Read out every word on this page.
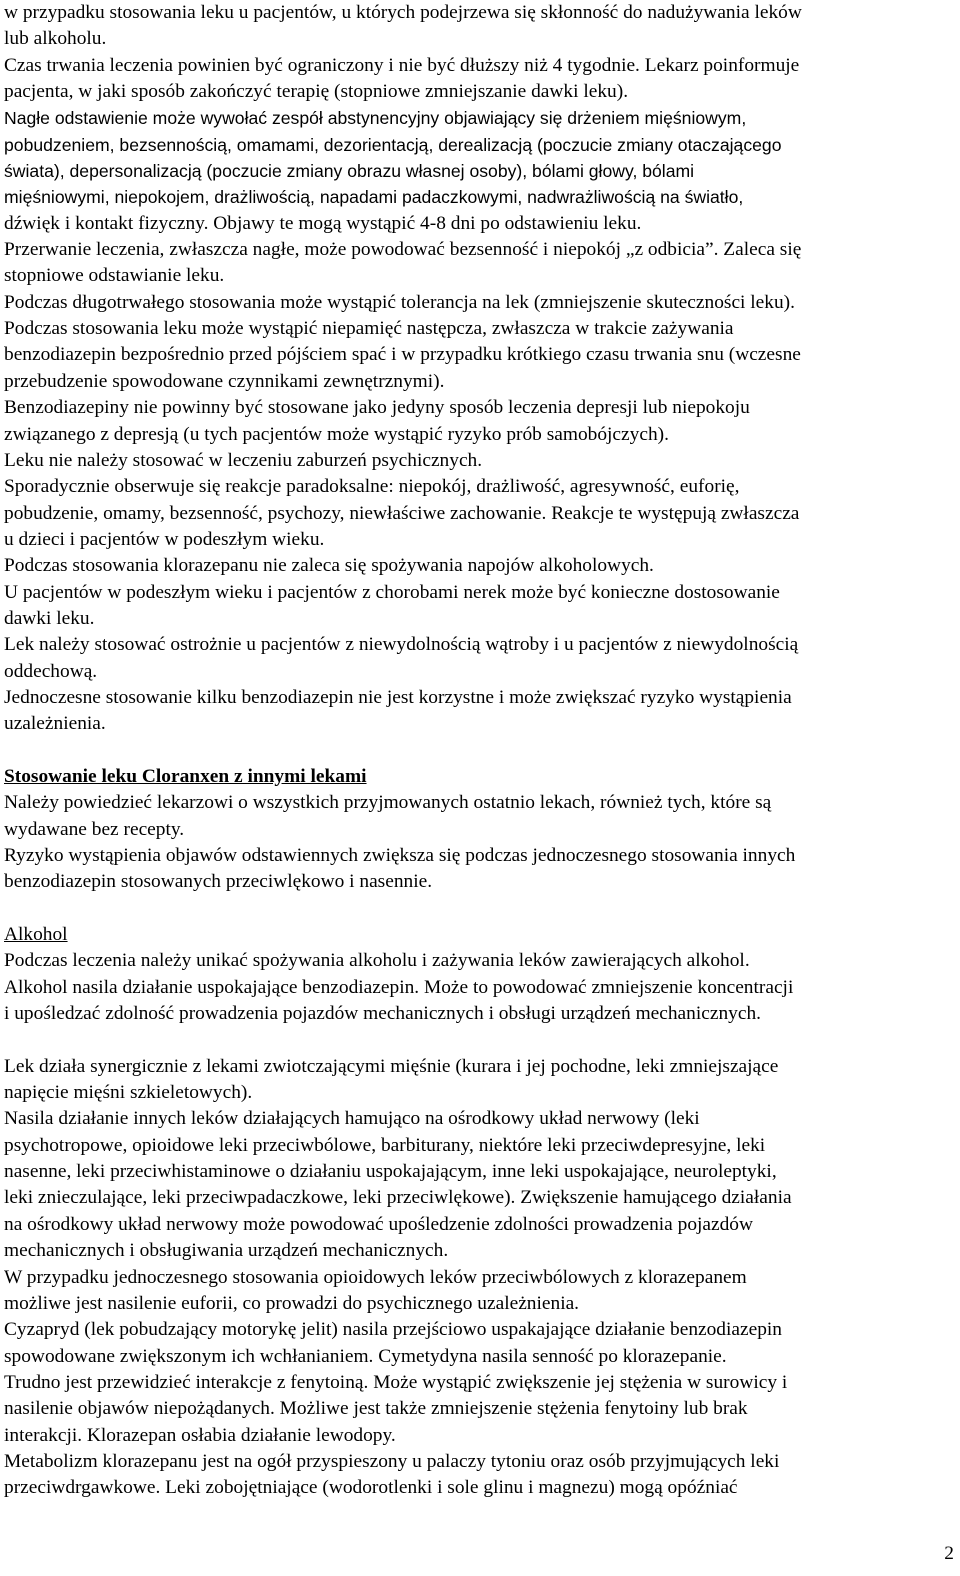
w przypadku stosowania leku u pacjentów, u których podejrzewa się skłonność do nadużywania leków
lub alkoholu.
Czas trwania leczenia powinien być ograniczony i nie być dłuższy niż 4 tygodnie. Lekarz poinformuje
pacjenta, w jaki sposób zakończyć terapię (stopniowe zmniejszanie dawki leku).
Nagłe odstawienie może wywołać zespół abstynencyjny objawiający się drżeniem mięśniowym,
pobudzeniem, bezsennością, omamami, dezorientacją, derealizacją (poczucie zmiany otaczającego
świata), depersonalizacją (poczucie zmiany obrazu własnej osoby), bólami głowy, bólami
mięśniowymi, niepokojem, drażliwością, napadami padaczkowymi, nadwrażliwością na światło,
dźwięk i kontakt fizyczny. Objawy te mogą wystąpić 4-8 dni po odstawieniu leku.
Przerwanie leczenia, zwłaszcza nagłe, może powodować bezsenność i niepokój „z odbicia”. Zaleca się
stopniowe odstawianie leku.
Podczas długotrwałego stosowania może wystąpić tolerancja na lek (zmniejszenie skuteczności leku).
Podczas stosowania leku może wystąpić niepamięć następcza, zwłaszcza w trakcie zażywania
benzodiazepin bezpośrednio przed pójściem spać i w przypadku krótkiego czasu trwania snu (wczesne
przebudzenie spowodowane czynnikami zewnętrznymi).
Benzodiazepiny nie powinny być stosowane jako jedyny sposób leczenia depresji lub niepokoju
związanego z depresją (u tych pacjentów może wystąpić ryzyko prób samobójczych).
Leku nie należy stosować w leczeniu zaburzeń psychicznych.
Sporadycznie obserwuje się reakcje paradoksalne: niepokój, drażliwość, agresywność, euforię,
pobudzenie, omamy, bezsenność, psychozy, niewłaściwe zachowanie. Reakcje te występują zwłaszcza
u dzieci i pacjentów w podeszłym wieku.
Podczas stosowania klorazepanu nie zaleca się spożywania napojów alkoholowych.
U pacjentów w podeszłym wieku i pacjentów z chorobami nerek może być konieczne dostosowanie
dawki leku.
Lek należy stosować ostrożnie u pacjentów z niewydolnością wątroby i u pacjentów z niewydolnością
oddechową.
Jednoczesne stosowanie kilku benzodiazepin nie jest korzystne i może zwiększać ryzyko wystąpienia
uzależnienia.
Stosowanie leku Cloranxen z innymi lekami
Należy powiedzieć lekarzowi o wszystkich przyjmowanych ostatnio lekach, również tych, które są
wydawane bez recepty.
Ryzyko wystąpienia objawów odstawiennych zwiększa się podczas jednoczesnego stosowania innych
benzodiazepin stosowanych przeciwlękowo i nasennie.
Alkohol
Podczas leczenia należy unikać spożywania alkoholu i zażywania leków zawierających alkohol.
Alkohol nasila działanie uspokajające benzodiazepin. Może to powodować zmniejszenie koncentracji
i upośledzać zdolność prowadzenia pojazdów mechanicznych i obsługi urządzeń mechanicznych.
Lek działa synergicznie z lekami zwiotczającymi mięśnie (kurara i jej pochodne, leki zmniejszające
napięcie mięśni szkieletowych).
Nasila działanie innych leków działających hamująco na ośrodkowy układ nerwowy (leki
psychotropowe, opioidowe leki przeciwbólowe, barbiturany, niektóre leki przeciwdepresyjne, leki
nasenne, leki przeciwhistaminowe o działaniu uspokajającym, inne leki uspokajające, neuroleptyki,
leki znieczulające, leki przeciwpadaczkowe, leki przeciwlękowe). Zwiększenie hamującego działania
na ośrodkowy układ nerwowy może powodować upośledzenie zdolności prowadzenia pojazdów
mechanicznych i obsługiwania urządzeń mechanicznych.
W przypadku jednoczesnego stosowania opioidowych leków przeciwbólowych z klorazepanem
możliwe jest nasilenie euforii, co prowadzi do psychicznego uzależnienia.
Cyzapryd (lek pobudzający motorykę jelit) nasila przejściowo uspakajające działanie benzodiazepin
spowodowane zwiększonym ich wchłanianiem. Cymetydyna nasila senność po klorazepanie.
Trudno jest przewidzieć interakcje z fenytoiną. Może wystąpić zwiększenie jej stężenia w surowicy i
nasilenie objawów niepożądanych. Możliwe jest także zmniejszenie stężenia fenytoiny lub brak
interakcji. Klorazepan osłabia działanie lewodopy.
Metabolizm klorazepanu jest na ogół przyspieszony u palaczy tytoniu oraz osób przyjmujących leki
przeciwdrgawkowe. Leki zobojętniające (wodorotlenki i sole glinu i magnezu) mogą opóźniać
2
